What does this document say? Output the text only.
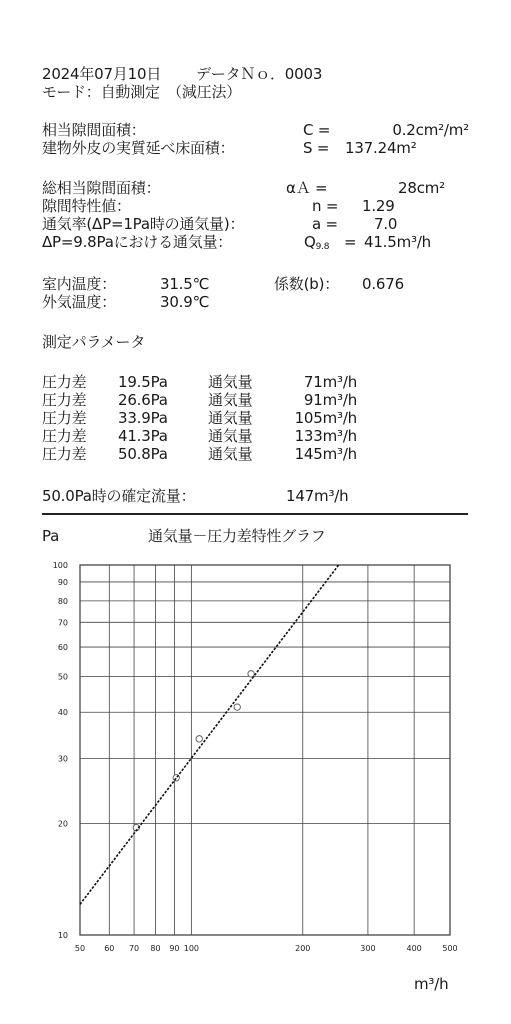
2024年07月10日 データＮｏ．0003
モード：自動測定　（減圧法）
相当隙間面積：	C =	0.2cm²/m²
建物外皮の実質延べ床面積：	S = 137.24m²
総相当隙間面積：	αＡ =	28cm²
隙間特性値：	n = 1.29
通気率(ΔP=1Pa時の通気量)：	a = 7.0
ΔP=9.8Paにおける通気量：	$Q_{9.8} = 41.5m^3/h$
室内温度：	31.5℃	係数(b)： 0.676
外気温度：	30.9℃
測定パラメータ
圧力差 19.5Pa	通気量	71m³/h
圧力差 26.6Pa	通気量	91m³/h
圧力差 33.9Pa	通気量	105m³/h
圧力差 41.3Pa	通気量	133m³/h
圧力差 50.8Pa	通気量	145m³/h
50.0Pa時の確定流量：	147m³/h
Pa	通気量－圧力差特性グラフ
50 60 70 80 90 100	200	300	400	500
10
20
30
40
50
60
70
80
90
100
m³/h
